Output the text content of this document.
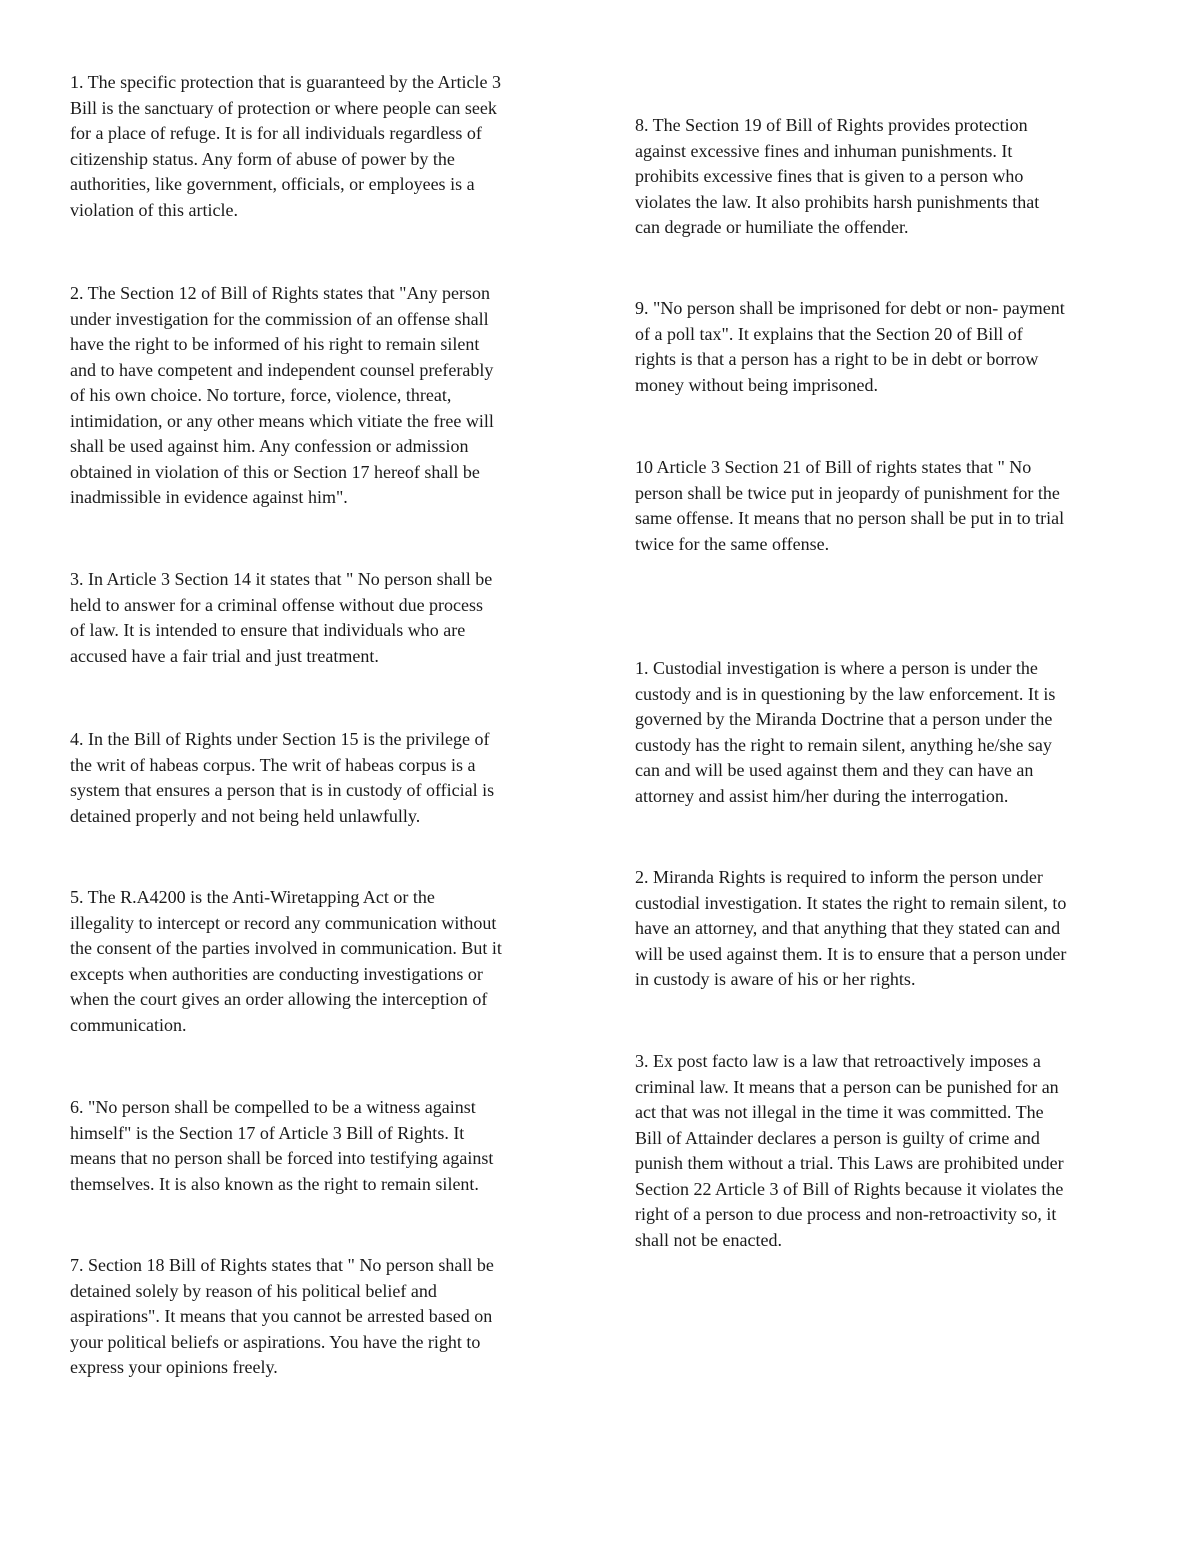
1. The specific protection that is guaranteed by the Article 3
Bill is the sanctuary of protection or where people can seek
for a place of refuge. It is for all individuals regardless of
citizenship status. Any form of abuse of power by the
authorities, like government, officials, or employees is a
violation of this article.

2. The Section 12 of Bill of Rights states that "Any person
under investigation for the commission of an offense shall
have the right to be informed of his right to remain silent
and to have competent and independent counsel preferably
of his own choice. No torture, force, violence, threat,
intimidation, or any other means which vitiate the free will
shall be used against him. Any confession or admission
obtained in violation of this or Section 17 hereof shall be
inadmissible in evidence against him".

3. In Article 3 Section 14 it states that " No person shall be
held to answer for a criminal offense without due process
of law. It is intended to ensure that individuals who are
accused have a fair trial and just treatment.

4. In the Bill of Rights under Section 15 is the privilege of
the writ of habeas corpus. The writ of habeas corpus is a
system that ensures a person that is in custody of official is
detained properly and not being held unlawfully.

5. The R.A4200 is the Anti-Wiretapping Act or the
illegality to intercept or record any communication without
the consent of the parties involved in communication. But it
excepts when authorities are conducting investigations or
when the court gives an order allowing the interception of
communication.

6. "No person shall be compelled to be a witness against
himself" is the Section 17 of Article 3 Bill of Rights. It
means that no person shall be forced into testifying against
themselves. It is also known as the right to remain silent.

7. Section 18 Bill of Rights states that " No person shall be
detained solely by reason of his political belief and
aspirations". It means that you cannot be arrested based on
your political beliefs or aspirations. You have the right to
express your opinions freely.

8. The Section 19 of Bill of Rights provides protection
against excessive fines and inhuman punishments. It
prohibits excessive fines that is given to a person who
violates the law. It also prohibits harsh punishments that
can degrade or humiliate the offender.

9. "No person shall be imprisoned for debt or non- payment
of a poll tax". It explains that the Section 20 of Bill of
rights is that a person has a right to be in debt or borrow
money without being imprisoned.

10 Article 3 Section 21 of Bill of rights states that " No
person shall be twice put in jeopardy of punishment for the
same offense. It means that no person shall be put in to trial
twice for the same offense.

1. Custodial investigation is where a person is under the
custody and is in questioning by the law enforcement. It is
governed by the Miranda Doctrine that a person under the
custody has the right to remain silent, anything he/she say
can and will be used against them and they can have an
attorney and assist him/her during the interrogation.

2. Miranda Rights is required to inform the person under
custodial investigation. It states the right to remain silent, to
have an attorney, and that anything that they stated can and
will be used against them. It is to ensure that a person under
in custody is aware of his or her rights.

3. Ex post facto law is a law that retroactively imposes a
criminal law. It means that a person can be punished for an
act that was not illegal in the time it was committed. The
Bill of Attainder declares a person is guilty of crime and
punish them without a trial. This Laws are prohibited under
Section 22 Article 3 of Bill of Rights because it violates the
right of a person to due process and non-retroactivity so, it
shall not be enacted.
